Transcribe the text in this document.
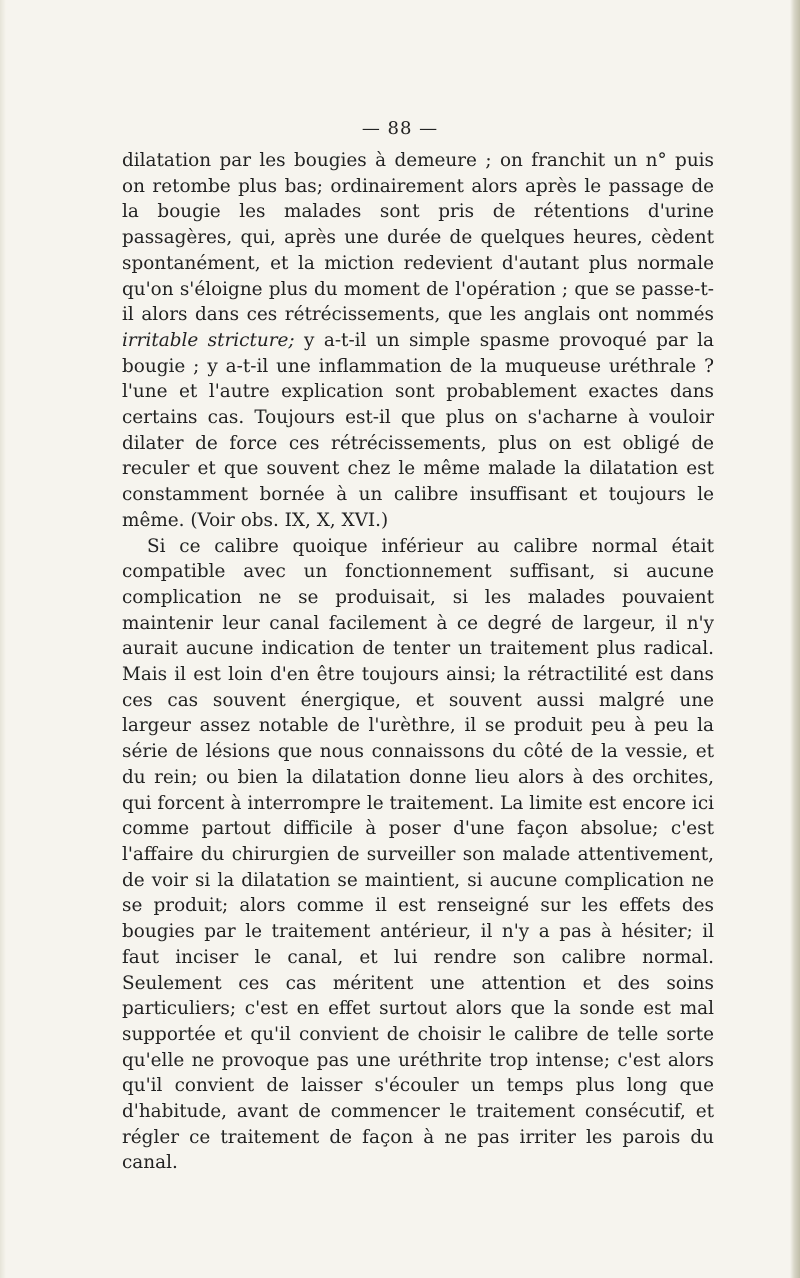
— 88 —

dilatation par les bougies à demeure ; on franchit un n° puis on retombe plus bas; ordinairement alors après le passage de la bougie les malades sont pris de rétentions d'urine passagères, qui, après une durée de quelques heures, cèdent spontanément, et la miction redevient d'autant plus normale qu'on s'éloigne plus du moment de l'opération ; que se passe-t-il alors dans ces rétrécissements, que les anglais ont nommés irritable stricture; y a-t-il un simple spasme provoqué par la bougie ; y a-t-il une inflammation de la muqueuse uréthrale ? l'une et l'autre explication sont probablement exactes dans certains cas. Toujours est-il que plus on s'acharne à vouloir dilater de force ces rétrécissements, plus on est obligé de reculer et que souvent chez le même malade la dilatation est constamment bornée à un calibre insuffisant et toujours le même. (Voir obs. IX, X, XVI.)

Si ce calibre quoique inférieur au calibre normal était compatible avec un fonctionnement suffisant, si aucune complication ne se produisait, si les malades pouvaient maintenir leur canal facilement à ce degré de largeur, il n'y aurait aucune indication de tenter un traitement plus radical. Mais il est loin d'en être toujours ainsi; la rétractilité est dans ces cas souvent énergique, et souvent aussi malgré une largeur assez notable de l'urèthre, il se produit peu à peu la série de lésions que nous connaissons du côté de la vessie, et du rein; ou bien la dilatation donne lieu alors à des orchites, qui forcent à interrompre le traitement. La limite est encore ici comme partout difficile à poser d'une façon absolue; c'est l'affaire du chirurgien de surveiller son malade attentivement, de voir si la dilatation se maintient, si aucune complication ne se produit; alors comme il est renseigné sur les effets des bougies par le traitement antérieur, il n'y a pas à hésiter; il faut inciser le canal, et lui rendre son calibre normal. Seulement ces cas méritent une attention et des soins particuliers; c'est en effet surtout alors que la sonde est mal supportée et qu'il convient de choisir le calibre de telle sorte qu'elle ne provoque pas une uréthrite trop intense; c'est alors qu'il convient de laisser s'écouler un temps plus long que d'habitude, avant de commencer le traitement consécutif, et régler ce traitement de façon à ne pas irriter les parois du canal.
